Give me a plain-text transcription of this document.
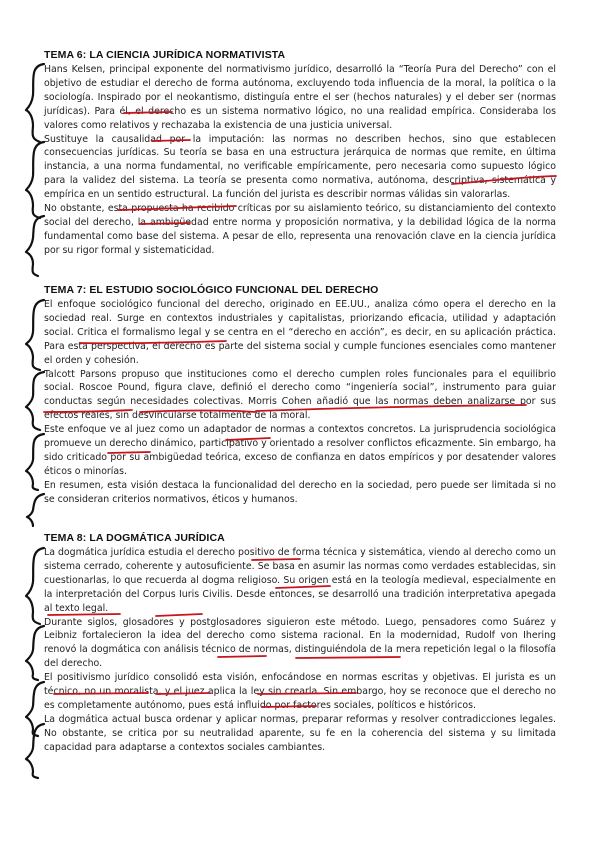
TEMA 6: LA CIENCIA JURÍDICA NORMATIVISTA

Hans Kelsen, principal exponente del normativismo jurídico, desarrolló la “Teoría Pura del Derecho” con el objetivo de estudiar el derecho de forma autónoma, excluyendo toda influencia de la moral, la política o la sociología. Inspirado por el neokantismo, distinguía entre el ser (hechos naturales) y el deber ser (normas jurídicas). Para él, el derecho es un sistema normativo lógico, no una realidad empírica. Consideraba los valores como relativos y rechazaba la existencia de una justicia universal.

Sustituye la causalidad por la imputación: las normas no describen hechos, sino que establecen consecuencias jurídicas. Su teoría se basa en una estructura jerárquica de normas que remite, en última instancia, a una norma fundamental, no verificable empíricamente, pero necesaria como supuesto lógico para la validez del sistema. La teoría se presenta como normativa, autónoma, descriptiva, sistemática y empírica en un sentido estructural. La función del jurista es describir normas válidas sin valorarlas.

No obstante, esta propuesta ha recibido críticas por su aislamiento teórico, su distanciamiento del contexto social del derecho, la ambigüedad entre norma y proposición normativa, y la debilidad lógica de la norma fundamental como base del sistema. A pesar de ello, representa una renovación clave en la ciencia jurídica por su rigor formal y sistematicidad.

TEMA 7: EL ESTUDIO SOCIOLÓGICO FUNCIONAL DEL DERECHO

El enfoque sociológico funcional del derecho, originado en EE.UU., analiza cómo opera el derecho en la sociedad real. Surge en contextos industriales y capitalistas, priorizando eficacia, utilidad y adaptación social. Critica el formalismo legal y se centra en el “derecho en acción”, es decir, en su aplicación práctica. Para esta perspectiva, el derecho es parte del sistema social y cumple funciones esenciales como mantener el orden y cohesión.

Talcott Parsons propuso que instituciones como el derecho cumplen roles funcionales para el equilibrio social. Roscoe Pound, figura clave, definió el derecho como “ingeniería social”, instrumento para guiar conductas según necesidades colectivas. Morris Cohen añadió que las normas deben analizarse por sus efectos reales, sin desvincularse totalmente de la moral.

Este enfoque ve al juez como un adaptador de normas a contextos concretos. La jurisprudencia sociológica promueve un derecho dinámico, participativo y orientado a resolver conflictos eficazmente. Sin embargo, ha sido criticado por su ambigüedad teórica, exceso de confianza en datos empíricos y por desatender valores éticos o minorías.

En resumen, esta visión destaca la funcionalidad del derecho en la sociedad, pero puede ser limitada si no se consideran criterios normativos, éticos y humanos.

TEMA 8: LA DOGMÁTICA JURÍDICA

La dogmática jurídica estudia el derecho positivo de forma técnica y sistemática, viendo al derecho como un sistema cerrado, coherente y autosuficiente. Se basa en asumir las normas como verdades establecidas, sin cuestionarlas, lo que recuerda al dogma religioso. Su origen está en la teología medieval, especialmente en la interpretación del Corpus Iuris Civilis. Desde entonces, se desarrolló una tradición interpretativa apegada al texto legal.

Durante siglos, glosadores y postglosadores siguieron este método. Luego, pensadores como Suárez y Leibniz fortalecieron la idea del derecho como sistema racional. En la modernidad, Rudolf von Ihering renovó la dogmática con análisis técnico de normas, distinguiéndola de la mera repetición legal o la filosofía del derecho.

El positivismo jurídico consolidó esta visión, enfocándose en normas escritas y objetivas. El jurista es un técnico, no un moralista, y el juez aplica la ley sin crearla. Sin embargo, hoy se reconoce que el derecho no es completamente autónomo, pues está influido por factores sociales, políticos e históricos.

La dogmática actual busca ordenar y aplicar normas, preparar reformas y resolver contradicciones legales. No obstante, se critica por su neutralidad aparente, su fe en la coherencia del sistema y su limitada capacidad para adaptarse a contextos sociales cambiantes.
